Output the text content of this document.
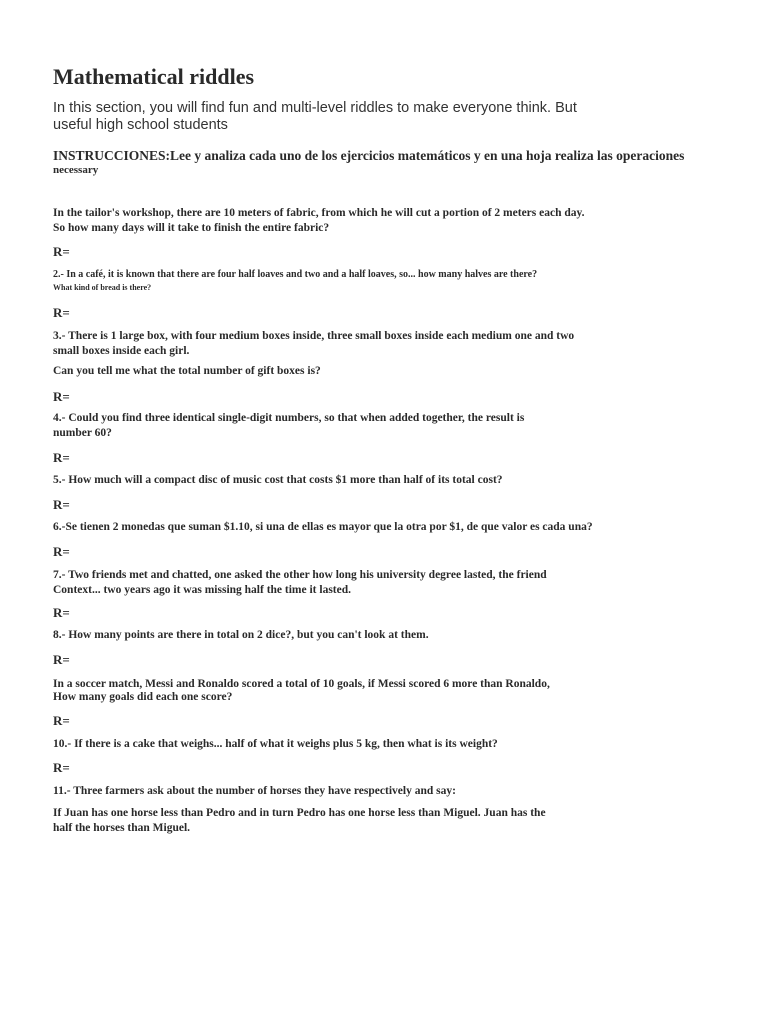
Mathematical riddles
In this section, you will find fun and multi-level riddles to make everyone think. But
useful high school students
INSTRUCCIONES:Lee y analiza cada uno de los ejercicios matemáticos y en una hoja realiza las operaciones
necessary
In the tailor's workshop, there are 10 meters of fabric, from which he will cut a portion of 2 meters each day.
So how many days will it take to finish the entire fabric?
R=
2.- In a café, it is known that there are four half loaves and two and a half loaves, so... how many halves are there?
What kind of bread is there?
R=
3.- There is 1 large box, with four medium boxes inside, three small boxes inside each medium one and two
small boxes inside each girl.
Can you tell me what the total number of gift boxes is?
R=
4.- Could you find three identical single-digit numbers, so that when added together, the result is
number 60?
R=
5.- How much will a compact disc of music cost that costs $1 more than half of its total cost?
R=
6.-Se tienen 2 monedas que suman $1.10, si una de ellas es mayor que la otra por $1, de que valor es cada una?
R=
7.- Two friends met and chatted, one asked the other how long his university degree lasted, the friend
Context... two years ago it was missing half the time it lasted.
R=
8.- How many points are there in total on 2 dice?, but you can't look at them.
R=
In a soccer match, Messi and Ronaldo scored a total of 10 goals, if Messi scored 6 more than Ronaldo,
How many goals did each one score?
R=
10.- If there is a cake that weighs... half of what it weighs plus 5 kg, then what is its weight?
R=
11.- Three farmers ask about the number of horses they have respectively and say:
If Juan has one horse less than Pedro and in turn Pedro has one horse less than Miguel. Juan has the
half the horses than Miguel.
